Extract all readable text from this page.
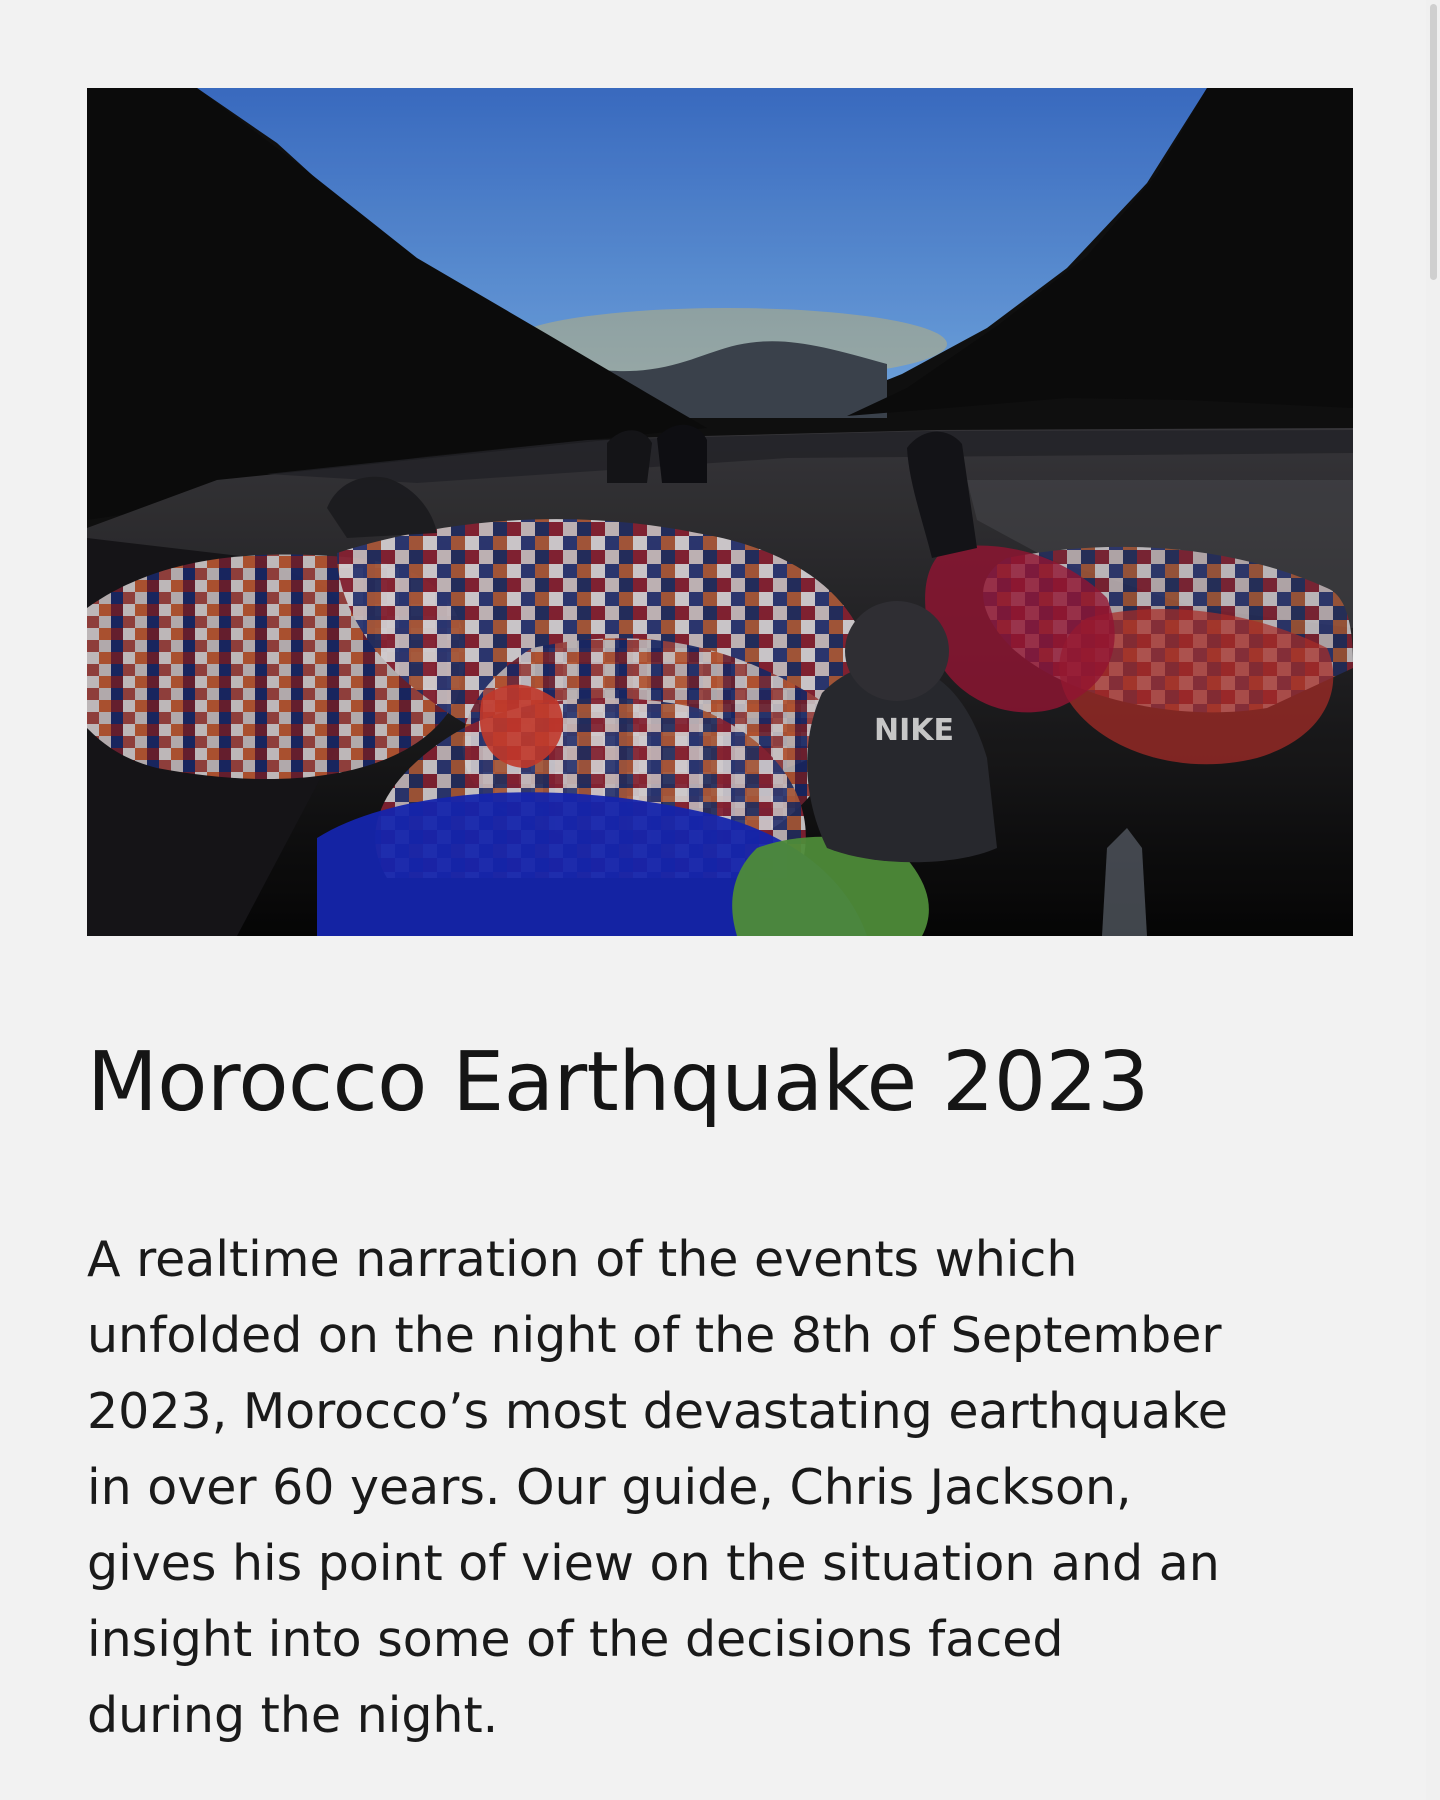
NIKE
Morocco Earthquake 2023

A realtime narration of the events which
unfolded on the night of the 8th of September
2023, Morocco’s most devastating earthquake
in over 60 years. Our guide, Chris Jackson,
gives his point of view on the situation and an
insight into some of the decisions faced
during the night.
